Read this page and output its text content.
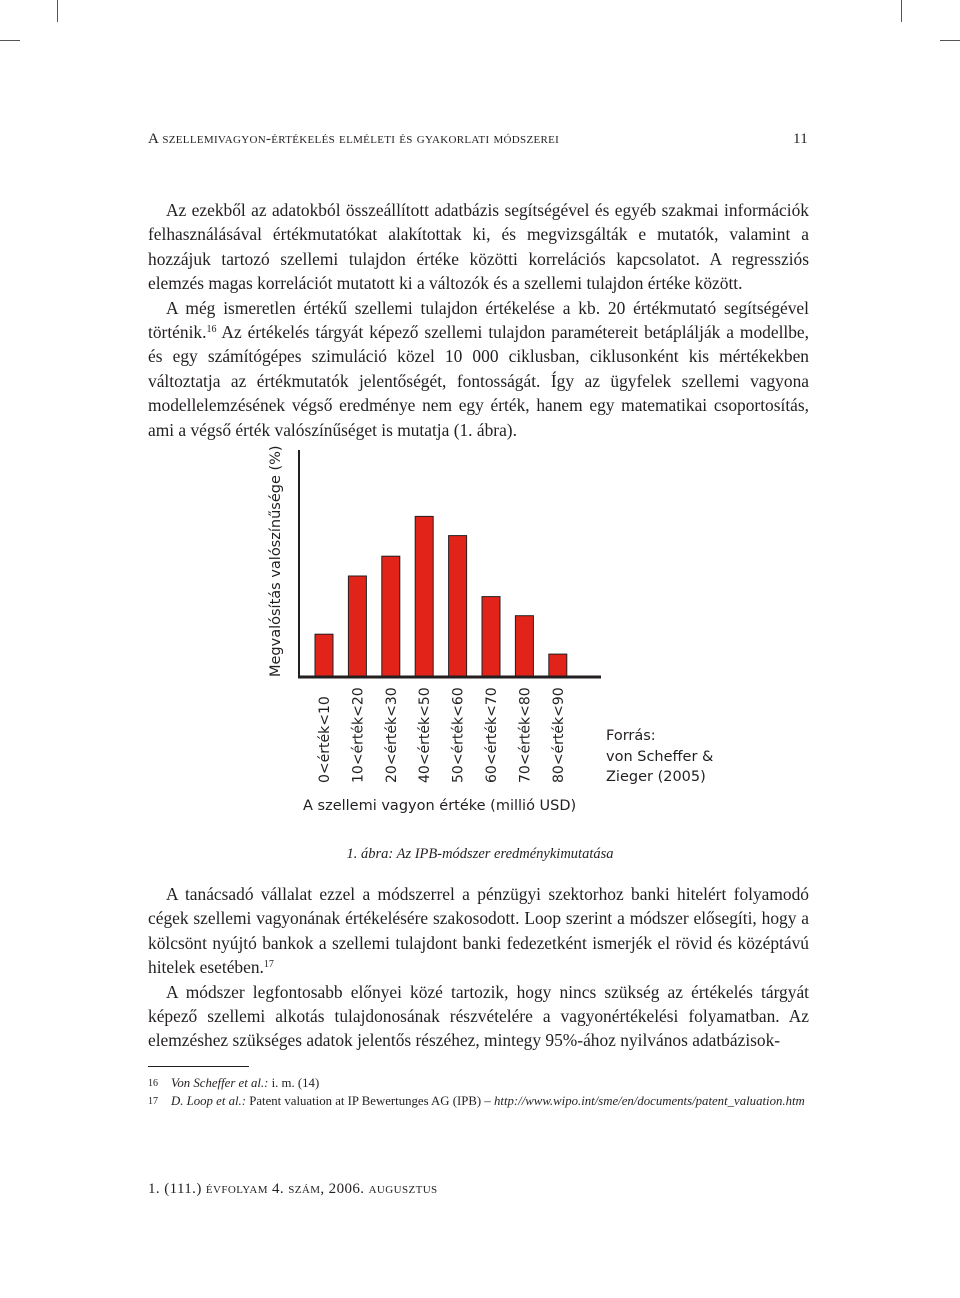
A szellemivagyon-értékelés elméleti és gyakorlati módszerei	11

Az ezekből az adatokból összeállított adatbázis segítségével és egyéb szakmai információk felhasználásával értékmutatókat alakítottak ki, és megvizsgálták e mutatók, valamint a hozzájuk tartozó szellemi tulajdon értéke közötti korrelációs kapcsolatot. A regressziós elemzés magas korrelációt mutatott ki a változók és a szellemi tulajdon értéke között.
A még ismeretlen értékű szellemi tulajdon értékelése a kb. 20 értékmutató segítségével történik.$^{16}$ Az értékelés tárgyát képező szellemi tulajdon paramétereit betáplálják a modellbe, és egy számítógépes szimuláció közel 10 000 ciklusban, ciklusonként kis mértékekben változtatja az értékmutatók jelentőségét, fontosságát. Így az ügyfelek szellemi vagyona modellelemzésének végső eredménye nem egy érték, hanem egy matematikai csoportosítás, ami a végső érték valószínűséget is mutatja (1. ábra).

0<érték<10 10<érték<20 20<érték<30 40<érték<50 50<érték<60 60<érték<70 70<érték<80 80<érték<90
Megvalósítás valószínűsége (%)
A szellemi vagyon értéke (millió USD)
Forrás:
von Scheffer &
Zieger (2005)
1. ábra: Az IPB-módszer eredménykimutatása

A tanácsadó vállalat ezzel a módszerrel a pénzügyi szektorhoz banki hitelért folyamodó cégek szellemi vagyonának értékelésére szakosodott. Loop szerint a módszer elősegíti, hogy a kölcsönt nyújtó bankok a szellemi tulajdont banki fedezetként ismerjék el rövid és középtávú hitelek esetében.$^{17}$
A módszer legfontosabb előnyei közé tartozik, hogy nincs szükség az értékelés tárgyát képező szellemi alkotás tulajdonosának részvételére a vagyonértékelési folyamatban. Az elemzéshez szükséges adatok jelentős részéhez, mintegy 95%-ához nyilvános adatbázisok-

16 Von Scheffer et al.: i. m. (14)
17 D. Loop et al.: Patent valuation at IP Bewertunges AG (IPB) – http://www.wipo.int/sme/en/documents/patent_valuation.htm
1. (111.) évfolyam 4. szám, 2006. augusztus
